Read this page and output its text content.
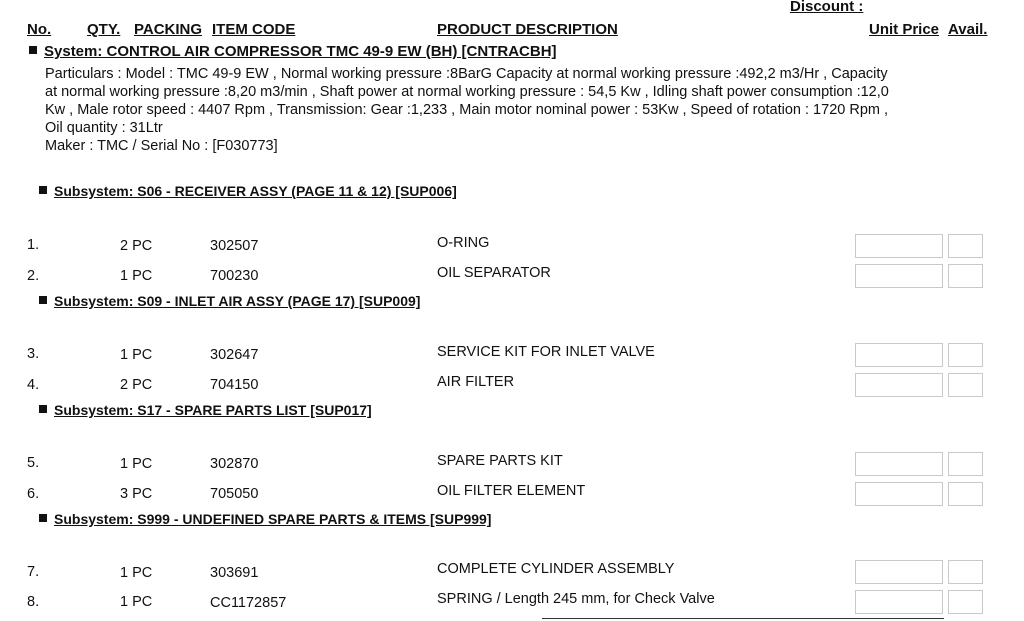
Discount :
No. QTY. PACKING ITEM CODE	PRODUCT DESCRIPTION	Unit Price Avail.
System: CONTROL AIR COMPRESSOR TMC 49-9 EW (BH) [CNTRACBH]
Particulars : Model : TMC 49-9 EW , Normal working pressure :8BarG Capacity at normal working pressure :492,2 m3/Hr , Capacity
at normal working pressure :8,20 m3/min , Shaft power at normal working pressure : 54,5 Kw , Idling shaft power consumption :12,0
Kw , Male rotor speed : 4407 Rpm , Transmission: Gear :1,233 , Main motor nominal power : 53Kw , Speed of rotation : 1720 Rpm ,
Oil quantity : 31Ltr
Maker : TMC / Serial No : [F030773]
Subsystem: S06 - RECEIVER ASSY (PAGE 11 & 12) [SUP006]
1.	2 PC	302507	O-RING
2.	1 PC	700230	OIL SEPARATOR
Subsystem: S09 - INLET AIR ASSY (PAGE 17) [SUP009]
3.	1 PC	302647	SERVICE KIT FOR INLET VALVE
4.	2 PC	704150	AIR FILTER
Subsystem: S17 - SPARE PARTS LIST [SUP017]
5.	1 PC	302870	SPARE PARTS KIT
6.	3 PC	705050	OIL FILTER ELEMENT
Subsystem: S999 - UNDEFINED SPARE PARTS & ITEMS [SUP999]
7.	1 PC	303691	COMPLETE CYLINDER ASSEMBLY
8.	1 PC	CC1172857	SPRING / Length 245 mm, for Check Valve
